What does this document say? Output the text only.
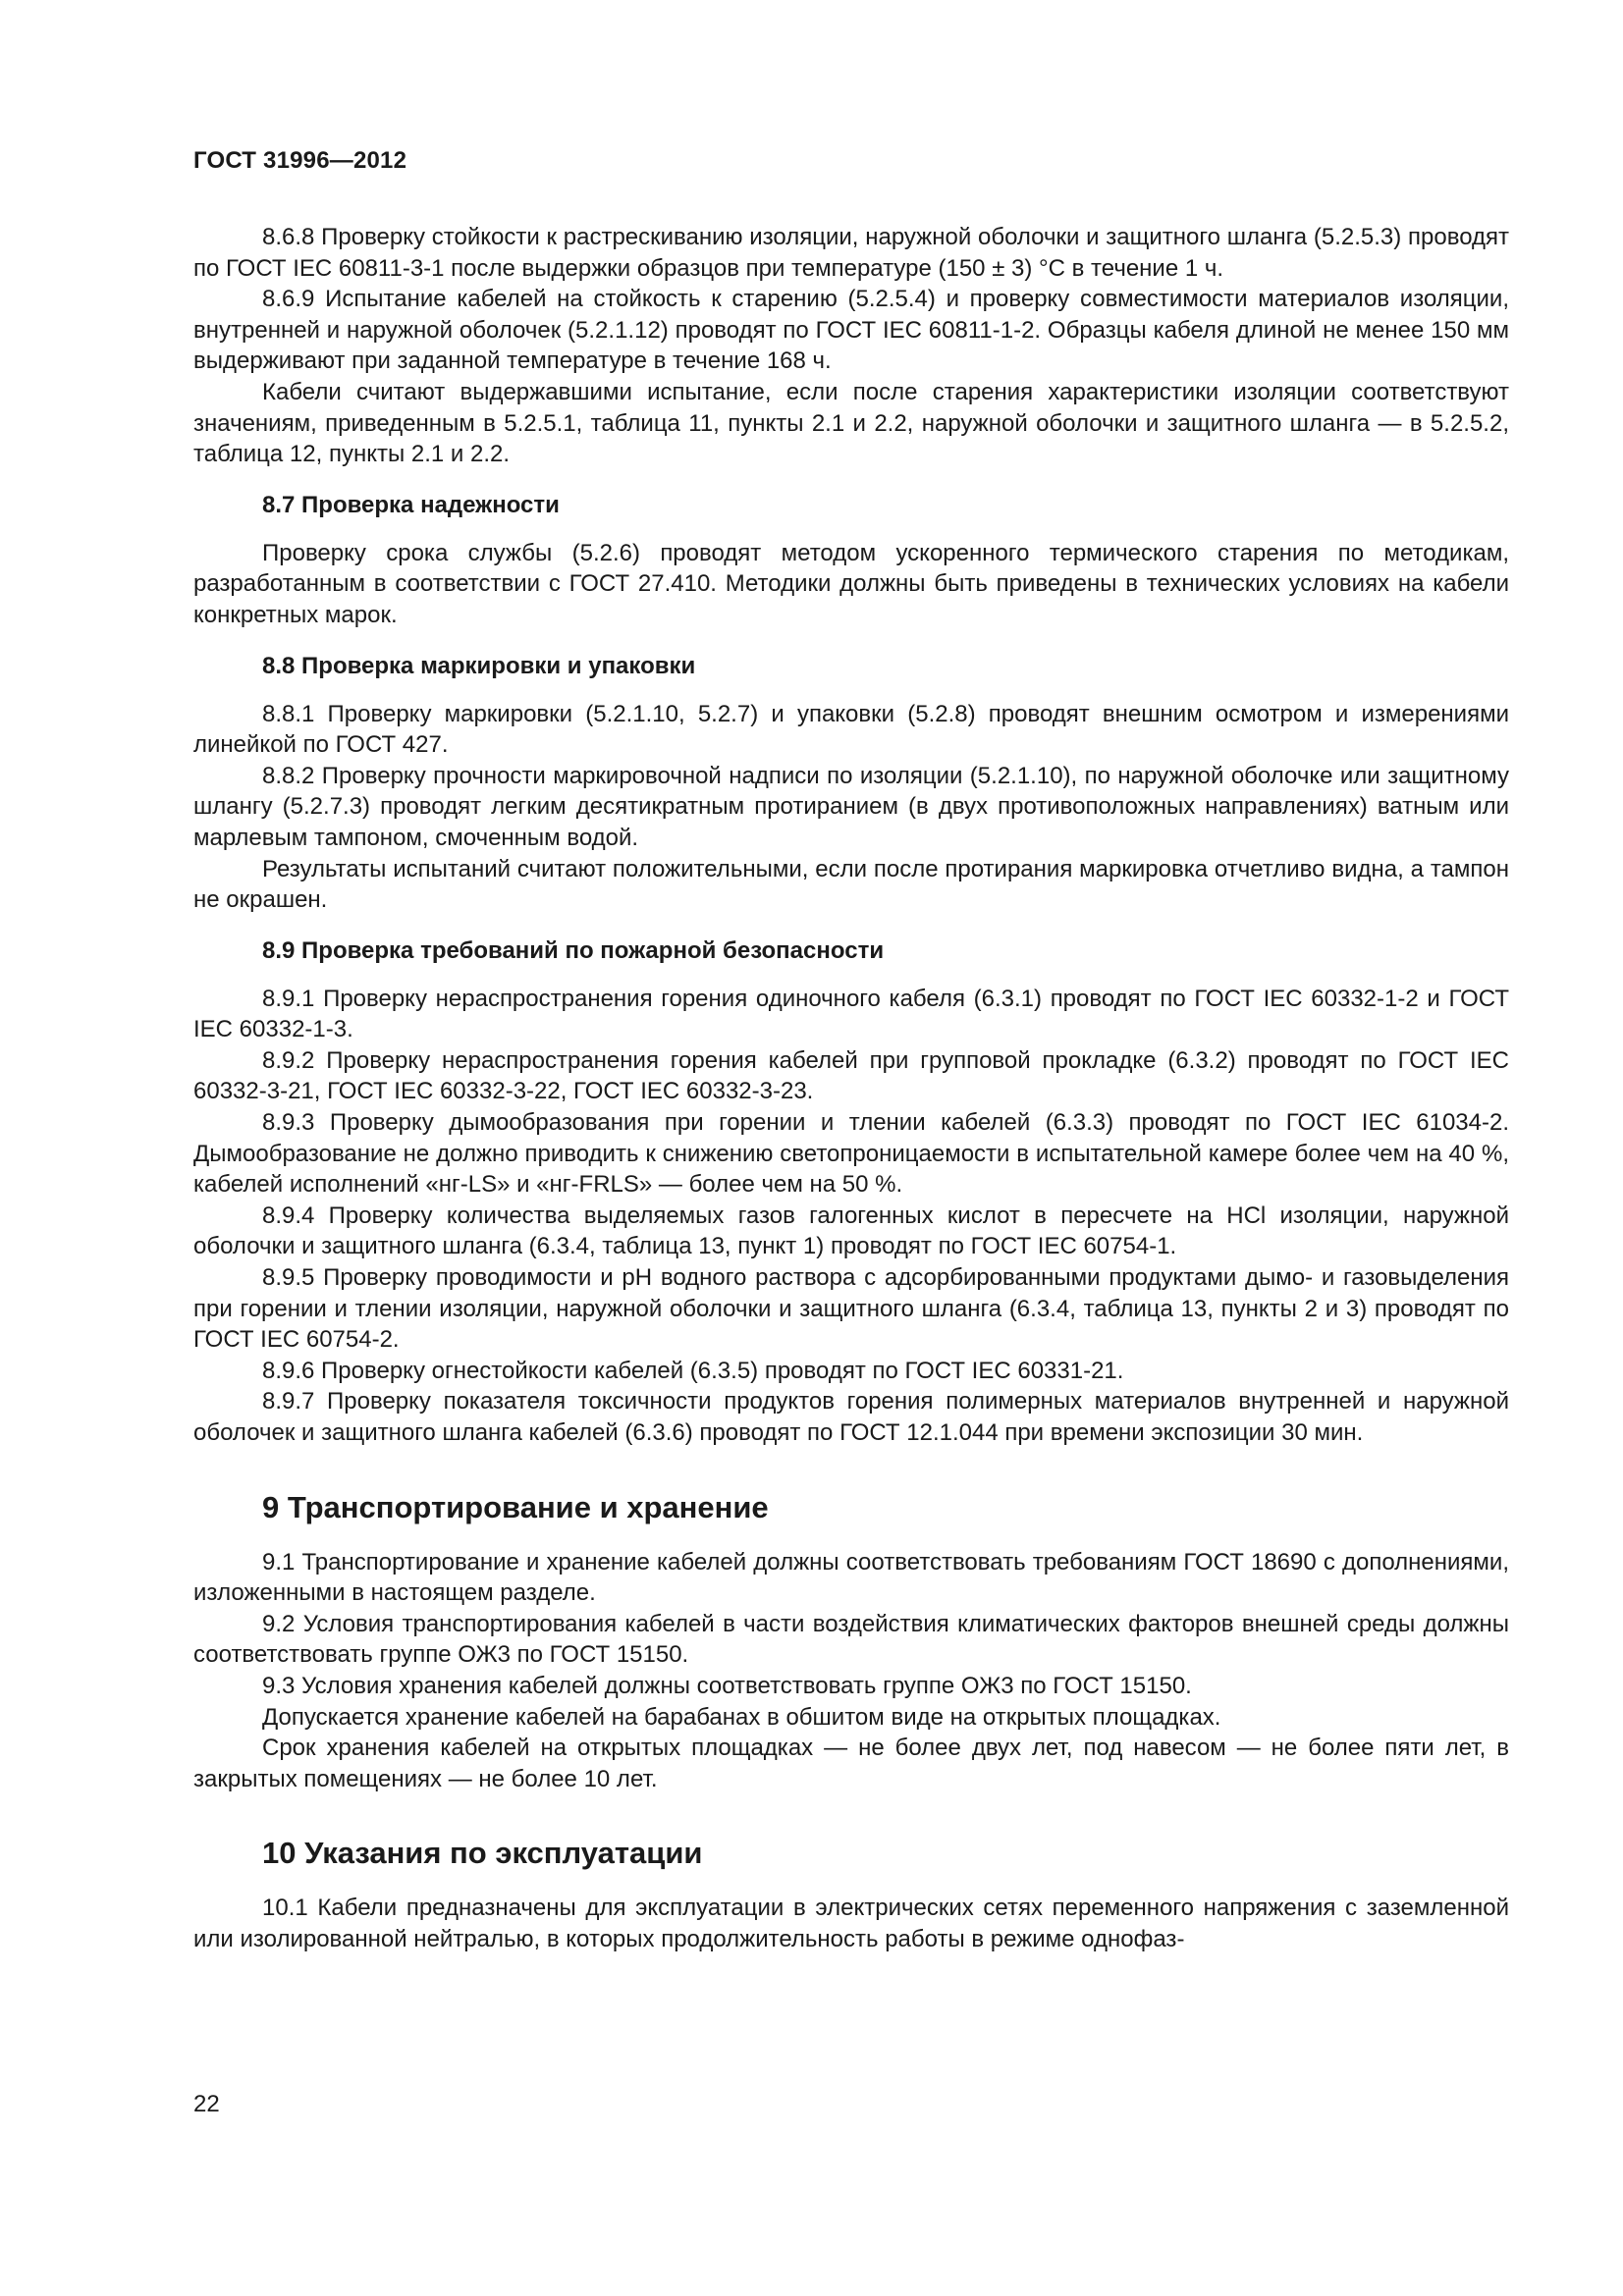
ГОСТ 31996—2012

8.6.8 Проверку стойкости к растрескиванию изоляции, наружной оболочки и защитного шланга (5.2.5.3) проводят по ГОСТ IEC 60811-3-1 после выдержки образцов при температуре (150 ± 3) °С в течение 1 ч.

8.6.9 Испытание кабелей на стойкость к старению (5.2.5.4) и проверку совместимости материалов изоляции, внутренней и наружной оболочек (5.2.1.12) проводят по ГОСТ IEC 60811-1-2. Образцы кабеля длиной не менее 150 мм выдерживают при заданной температуре в течение 168 ч.

Кабели считают выдержавшими испытание, если после старения характеристики изоляции соответствуют значениям, приведенным в 5.2.5.1, таблица 11, пункты 2.1 и 2.2, наружной оболочки и защитного шланга — в 5.2.5.2, таблица 12, пункты 2.1 и 2.2.

8.7 Проверка надежности

Проверку срока службы (5.2.6) проводят методом ускоренного термического старения по методикам, разработанным в соответствии с ГОСТ 27.410. Методики должны быть приведены в технических условиях на кабели конкретных марок.

8.8 Проверка маркировки и упаковки

8.8.1 Проверку маркировки (5.2.1.10, 5.2.7) и упаковки (5.2.8) проводят внешним осмотром и измерениями линейкой по ГОСТ 427.

8.8.2 Проверку прочности маркировочной надписи по изоляции (5.2.1.10), по наружной оболочке или защитному шлангу (5.2.7.3) проводят легким десятикратным протиранием (в двух противоположных направлениях) ватным или марлевым тампоном, смоченным водой.

Результаты испытаний считают положительными, если после протирания маркировка отчетливо видна, а тампон не окрашен.

8.9 Проверка требований по пожарной безопасности

8.9.1 Проверку нераспространения горения одиночного кабеля (6.3.1) проводят по ГОСТ IEC 60332-1-2 и ГОСТ IEC 60332-1-3.

8.9.2 Проверку нераспространения горения кабелей при групповой прокладке (6.3.2) проводят по ГОСТ IEC 60332-3-21, ГОСТ IEC 60332-3-22, ГОСТ IEC 60332-3-23.

8.9.3 Проверку дымообразования при горении и тлении кабелей (6.3.3) проводят по ГОСТ IEC 61034-2. Дымообразование не должно приводить к снижению светопроницаемости в испытательной камере более чем на 40 %, кабелей исполнений «нг-LS» и «нг-FRLS» — более чем на 50 %.

8.9.4 Проверку количества выделяемых газов галогенных кислот в пересчете на HCl изоляции, наружной оболочки и защитного шланга (6.3.4, таблица 13, пункт 1) проводят по ГОСТ IEC 60754-1.

8.9.5 Проверку проводимости и pH водного раствора с адсорбированными продуктами дымо- и газовыделения при горении и тлении изоляции, наружной оболочки и защитного шланга (6.3.4, таблица 13, пункты 2 и 3) проводят по ГОСТ IEC 60754-2.

8.9.6 Проверку огнестойкости кабелей (6.3.5) проводят по ГОСТ IEC 60331-21.

8.9.7 Проверку показателя токсичности продуктов горения полимерных материалов внутренней и наружной оболочек и защитного шланга кабелей (6.3.6) проводят по ГОСТ 12.1.044 при времени экспозиции 30 мин.

9 Транспортирование и хранение

9.1 Транспортирование и хранение кабелей должны соответствовать требованиям ГОСТ 18690 с дополнениями, изложенными в настоящем разделе.

9.2 Условия транспортирования кабелей в части воздействия климатических факторов внешней среды должны соответствовать группе ОЖ3 по ГОСТ 15150.

9.3 Условия хранения кабелей должны соответствовать группе ОЖ3 по ГОСТ 15150.

Допускается хранение кабелей на барабанах в обшитом виде на открытых площадках.

Срок хранения кабелей на открытых площадках — не более двух лет, под навесом — не более пяти лет, в закрытых помещениях — не более 10 лет.

10 Указания по эксплуатации

10.1 Кабели предназначены для эксплуатации в электрических сетях переменного напряжения с заземленной или изолированной нейтралью, в которых продолжительность работы в режиме однофаз-

22
